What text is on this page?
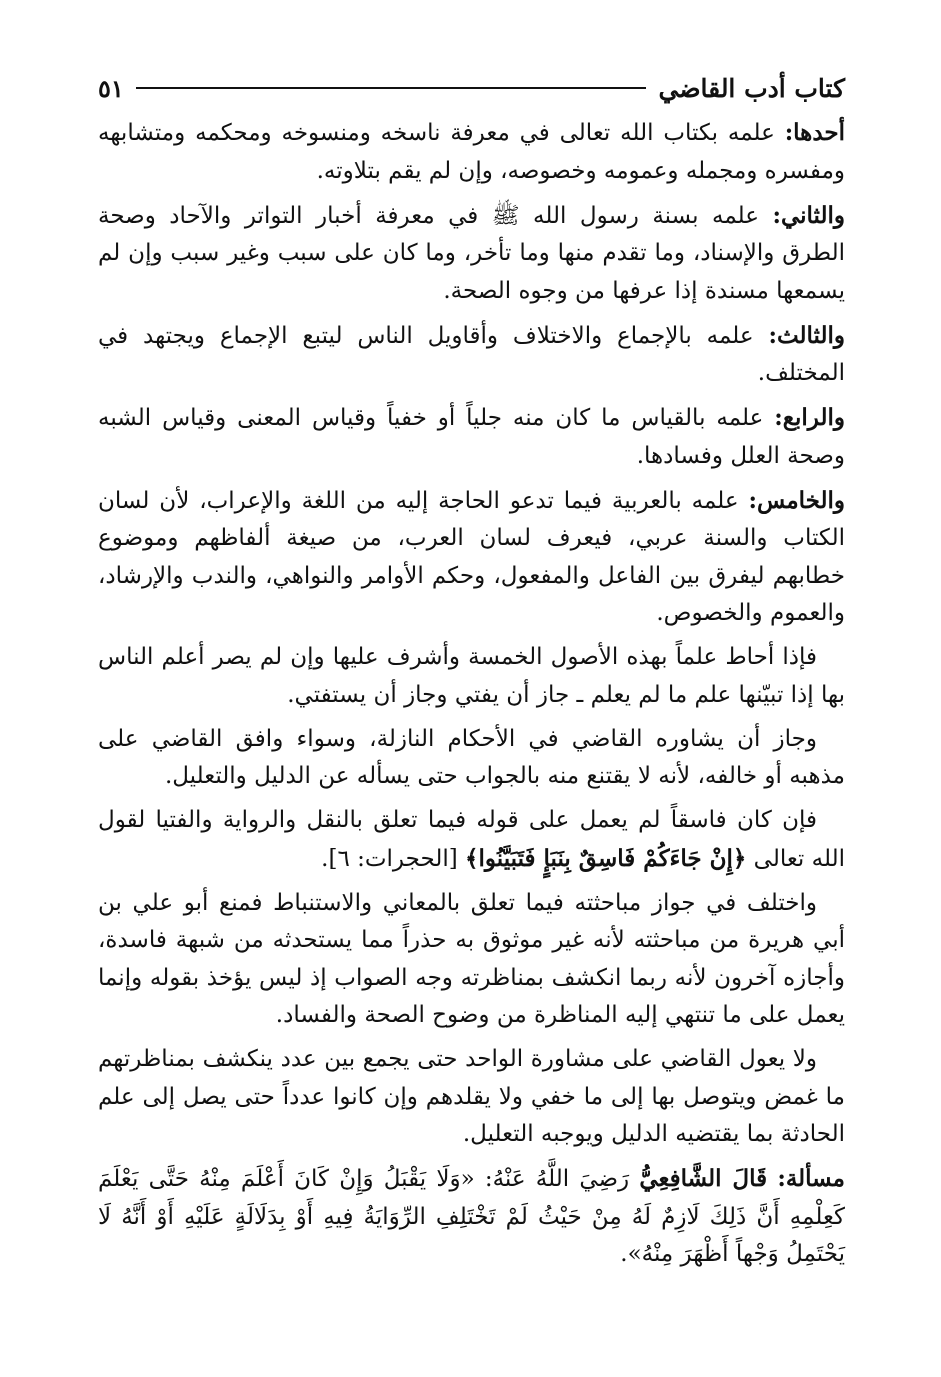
كتاب أدب القاضي
٥١

أحدها: علمه بكتاب الله تعالى في معرفة ناسخه ومنسوخه ومحكمه ومتشابهه ومفسره ومجمله وعمومه وخصوصه، وإن لم يقم بتلاوته.

والثاني: علمه بسنة رسول الله ﷺ في معرفة أخبار التواتر والآحاد وصحة الطرق والإسناد، وما تقدم منها وما تأخر، وما كان على سبب وغير سبب وإن لم يسمعها مسندة إذا عرفها من وجوه الصحة.

والثالث: علمه بالإجماع والاختلاف وأقاويل الناس ليتبع الإجماع ويجتهد في المختلف.

والرابع: علمه بالقياس ما كان منه جلياً أو خفياً وقياس المعنى وقياس الشبه وصحة العلل وفسادها.

والخامس: علمه بالعربية فيما تدعو الحاجة إليه من اللغة والإعراب، لأن لسان الكتاب والسنة عربي، فيعرف لسان العرب، من صيغة ألفاظهم وموضوع خطابهم ليفرق بين الفاعل والمفعول، وحكم الأوامر والنواهي، والندب والإرشاد، والعموم والخصوص.

فإذا أحاط علماً بهذه الأصول الخمسة وأشرف عليها وإن لم يصر أعلم الناس بها إذا تبيّنها علم ما لم يعلم ـ جاز أن يفتي وجاز أن يستفتي.

وجاز أن يشاوره القاضي في الأحكام النازلة، وسواء وافق القاضي على مذهبه أو خالفه، لأنه لا يقتنع منه بالجواب حتى يسأله عن الدليل والتعليل.

فإن كان فاسقاً لم يعمل على قوله فيما تعلق بالنقل والرواية والفتيا لقول الله تعالى ﴿إِنْ جَاءَكُمْ فَاسِقٌ بِنَبَإٍ فَتَبَيَّنُوا﴾ [الحجرات: ٦].

واختلف في جواز مباحثته فيما تعلق بالمعاني والاستنباط فمنع أبو علي بن أبي هريرة من مباحثته لأنه غير موثوق به حذراً مما يستحدثه من شبهة فاسدة، وأجازه آخرون لأنه ربما انكشف بمناظرته وجه الصواب إذ ليس يؤخذ بقوله وإنما يعمل على ما تنتهي إليه المناظرة من وضوح الصحة والفساد.

ولا يعول القاضي على مشاورة الواحد حتى يجمع بين عدد ينكشف بمناظرتهم ما غمض ويتوصل بها إلى ما خفي ولا يقلدهم وإن كانوا عدداً حتى يصل إلى علم الحادثة بما يقتضيه الدليل ويوجبه التعليل.

مسألة: قَالَ الشَّافِعِيُّ رَضِيَ اللَّهُ عَنْهُ: «وَلَا يَقْبَلُ وَإِنْ كَانَ أَعْلَمَ مِنْهُ حَتَّى يَعْلَمَ كَعِلْمِهِ أَنَّ ذَلِكَ لَازِمٌ لَهُ مِنْ حَيْثُ لَمْ تَخْتَلِفِ الرِّوَايَةُ فِيهِ أَوْ بِدَلَالَةٍ عَلَيْهِ أَوْ أَنَّهُ لَا يَحْتَمِلُ وَجْهاً أَظْهَرَ مِنْهُ».
